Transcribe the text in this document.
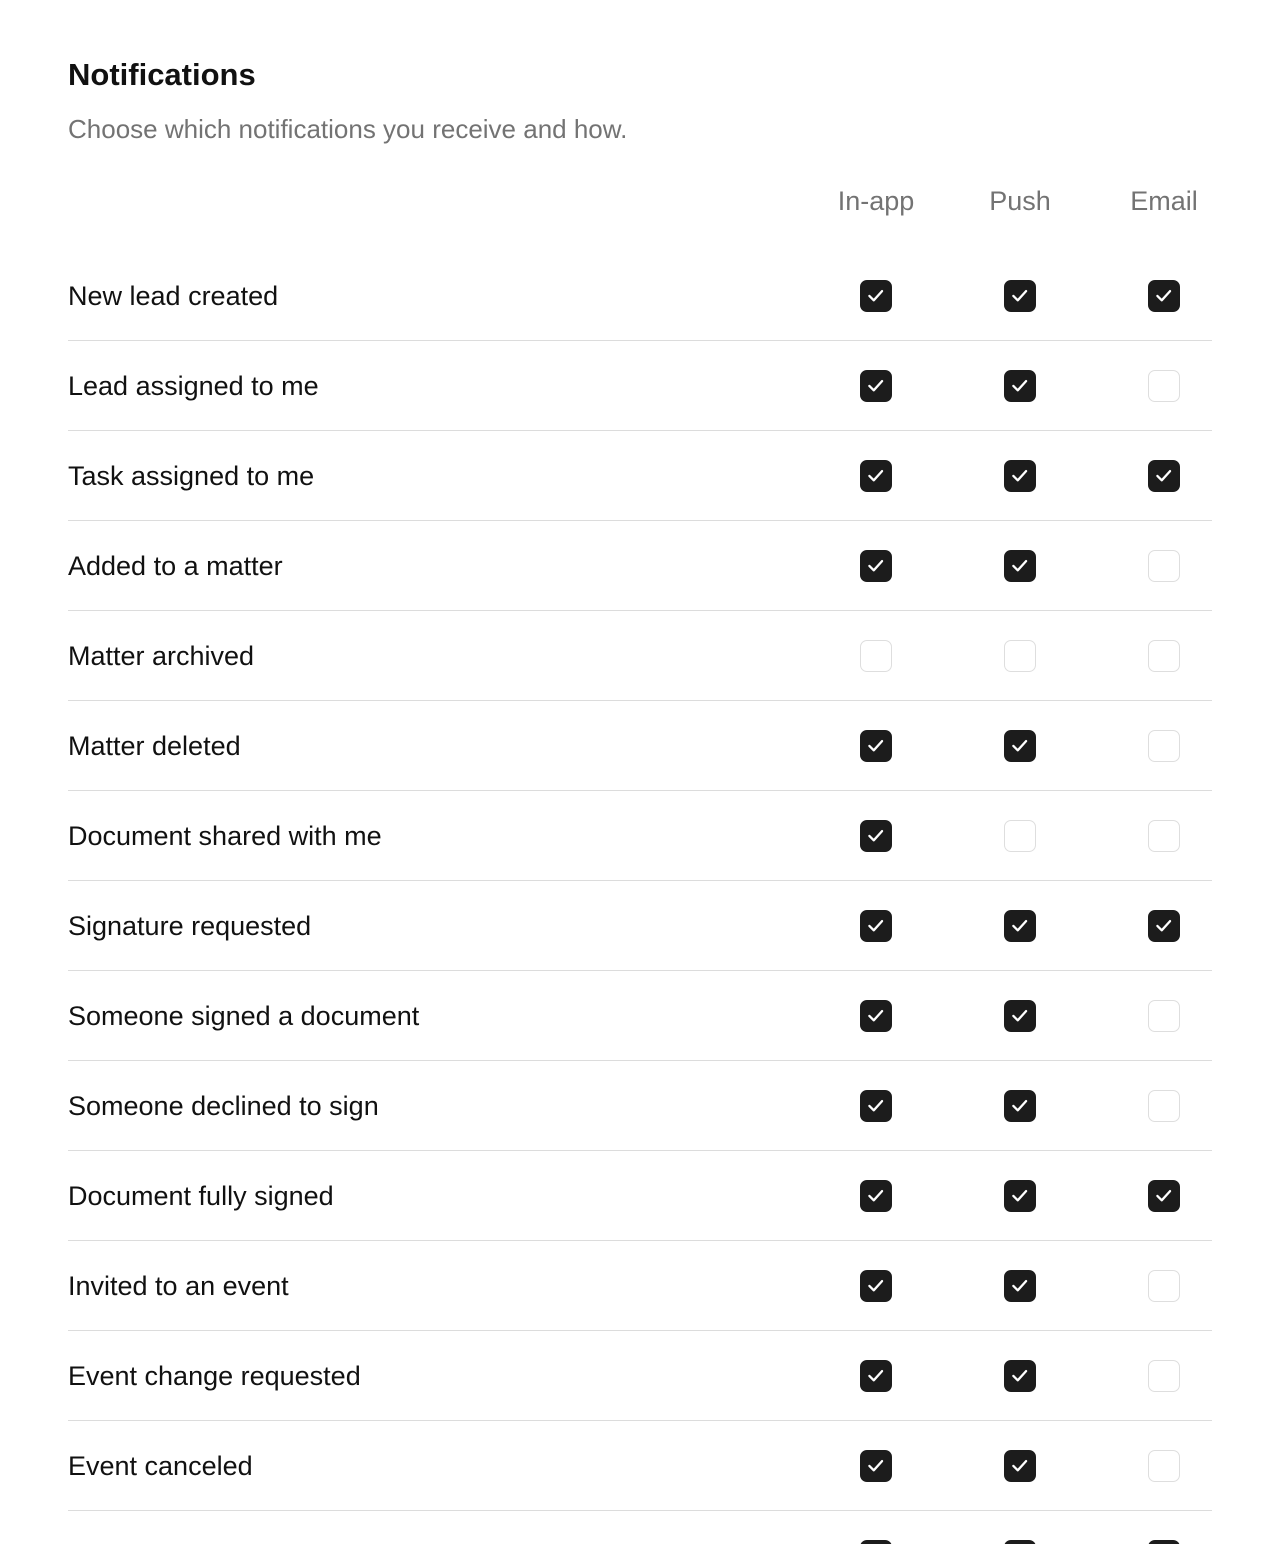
Notifications
Choose which notifications you receive and how.
In-app	Push	Email
New lead created
Lead assigned to me
Task assigned to me
Added to a matter
Matter archived
Matter deleted
Document shared with me
Signature requested
Someone signed a document
Someone declined to sign
Document fully signed
Invited to an event
Event change requested
Event canceled
